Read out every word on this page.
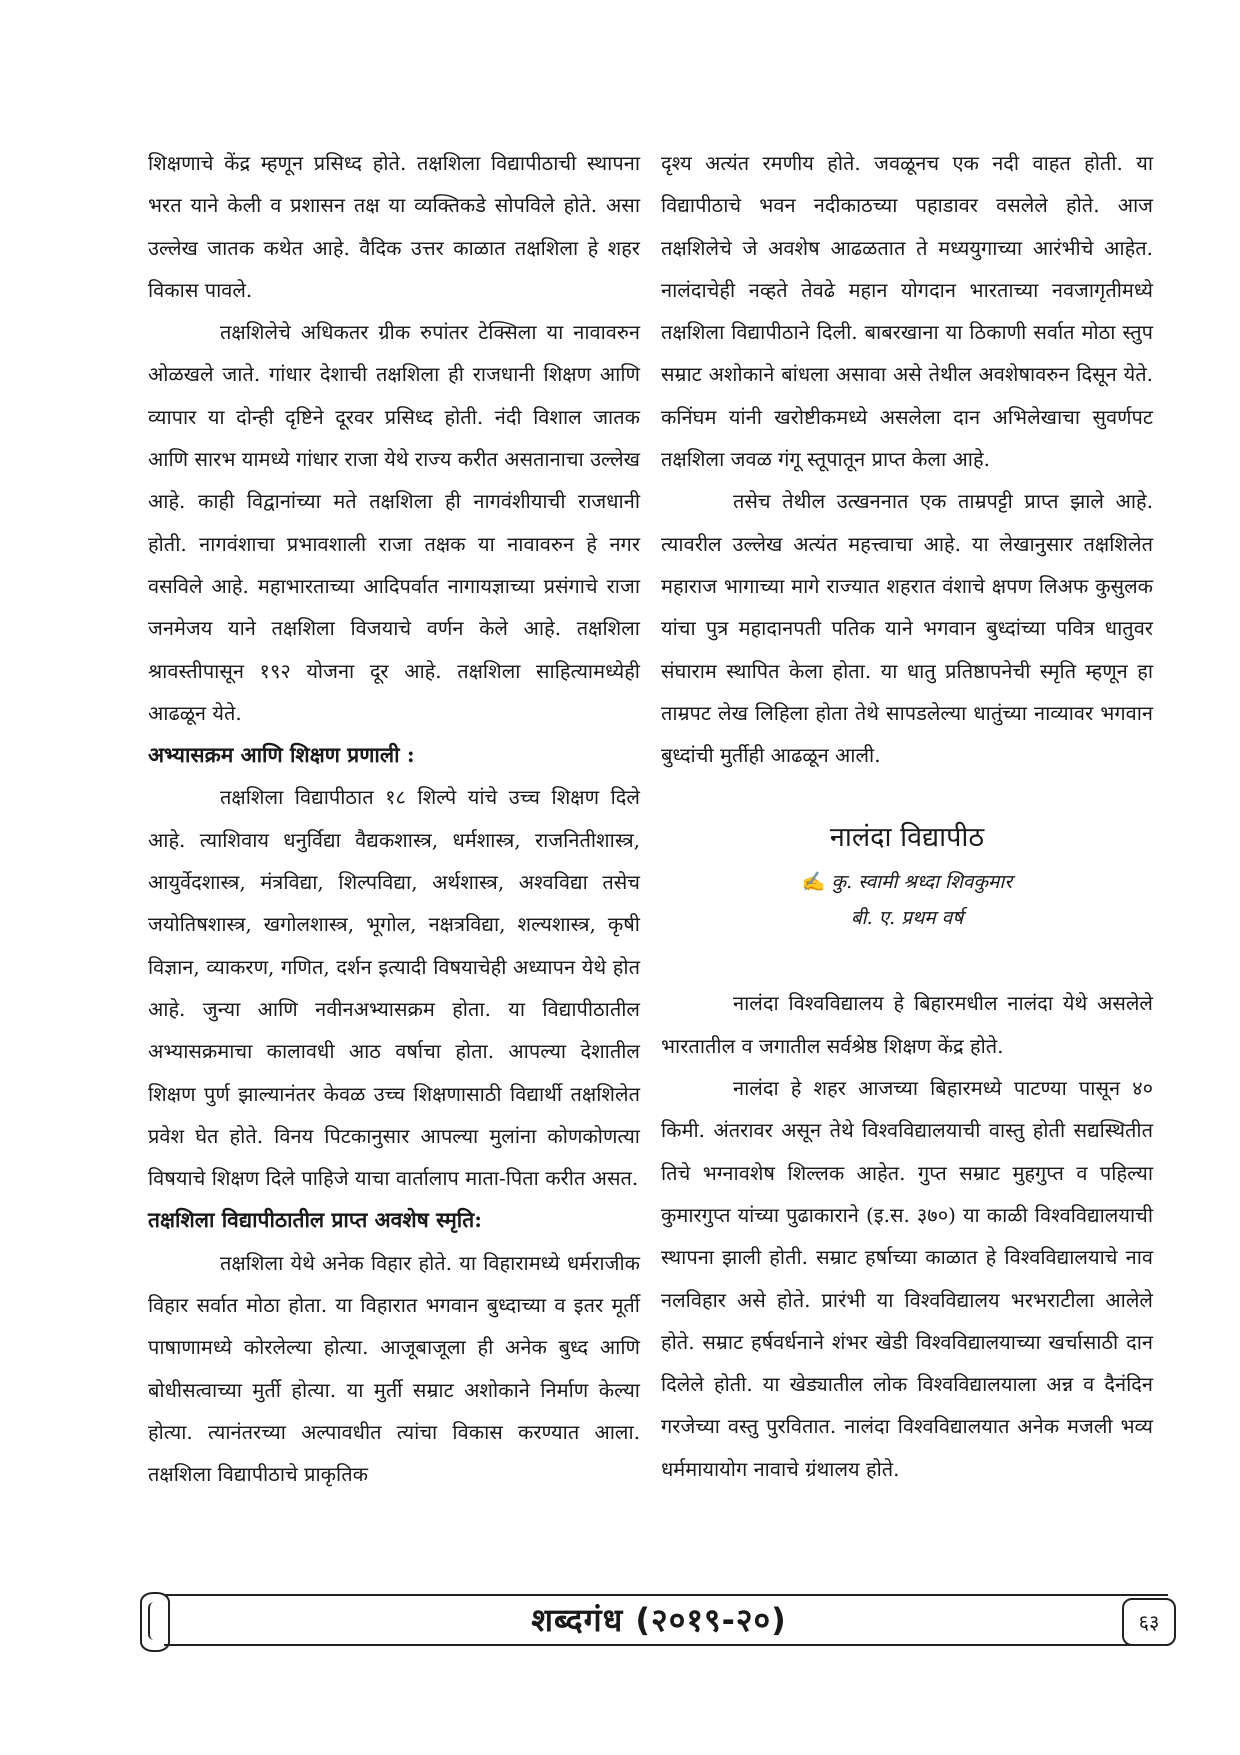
शिक्षणाचे केंद्र म्हणून प्रसिध्द होते. तक्षशिला विद्यापीठाची स्थापना भरत याने केली व प्रशासन तक्ष या व्यक्तिकडे सोपविले होते. असा उल्लेख जातक कथेत आहे. वैदिक उत्तर काळात तक्षशिला हे शहर विकास पावले.

तक्षशिलेचे अधिकतर ग्रीक रुपांतर टेक्सिला या नावावरुन ओळखले जाते. गांधार देशाची तक्षशिला ही राजधानी शिक्षण आणि व्यापार या दोन्ही दृष्टिने दूरवर प्रसिध्द होती. नंदी विशाल जातक आणि सारभ यामध्ये गांधार राजा येथे राज्य करीत असतानाचा उल्लेख आहे. काही विद्वानांच्या मते तक्षशिला ही नागवंशीयाची राजधानी होती. नागवंशाचा प्रभावशाली राजा तक्षक या नावावरुन हे नगर वसविले आहे. महाभारताच्या आदिपर्वात नागायज्ञाच्या प्रसंगाचे राजा जनमेजय याने तक्षशिला विजयाचे वर्णन केले आहे. तक्षशिला श्रावस्तीपासून १९२ योजना दूर आहे. तक्षशिला साहित्यामध्येही आढळून येते.

अभ्यासक्रम आणि शिक्षण प्रणाली :

तक्षशिला विद्यापीठात १८ शिल्पे यांचे उच्च शिक्षण दिले आहे. त्याशिवाय धनुर्विद्या वैद्यकशास्त्र, धर्मशास्त्र, राजनितीशास्त्र, आयुर्वेदशास्त्र, मंत्रविद्या, शिल्पविद्या, अर्थशास्त्र, अश्वविद्या तसेच जयोतिषशास्त्र, खगोलशास्त्र, भूगोल, नक्षत्रविद्या, शल्यशास्त्र, कृषी विज्ञान, व्याकरण, गणित, दर्शन इत्यादी विषयाचेही अध्यापन येथे होत आहे. जुन्या आणि नवीनअभ्यासक्रम होता. या विद्यापीठातील अभ्यासक्रमाचा कालावधी आठ वर्षाचा होता. आपल्या देशातील शिक्षण पुर्ण झाल्यानंतर केवळ उच्च शिक्षणासाठी विद्यार्थी तक्षशिलेत प्रवेश घेत होते. विनय पिटकानुसार आपल्या मुलांना कोणकोणत्या विषयाचे शिक्षण दिले पाहिजे याचा वार्तालाप माता-पिता करीत असत.

तक्षशिला विद्यापीठातील प्राप्त अवशेष स्मृति:

तक्षशिला येथे अनेक विहार होते. या विहारामध्ये धर्मराजीक विहार सर्वात मोठा होता. या विहारात भगवान बुध्दाच्या व इतर मूर्ती पाषाणामध्ये कोरलेल्या होत्या. आजूबाजूला ही अनेक बुध्द आणि बोधीसत्वाच्या मुर्ती होत्या. या मुर्ती सम्राट अशोकाने निर्माण केल्या होत्या. त्यानंतरच्या अल्पावधीत त्यांचा विकास करण्यात आला. तक्षशिला विद्यापीठाचे प्राकृतिक

दृश्य अत्यंत रमणीय होते. जवळूनच एक नदी वाहत होती. या विद्यापीठाचे भवन नदीकाठच्या पहाडावर वसलेले होते. आज तक्षशिलेचे जे अवशेष आढळतात ते मध्ययुगाच्या आरंभीचे आहेत. नालंदाचेही नव्हते तेवढे महान योगदान भारताच्या नवजागृतीमध्ये तक्षशिला विद्यापीठाने दिली. बाबरखाना या ठिकाणी सर्वात मोठा स्तुप सम्राट अशोकाने बांधला असावा असे तेथील अवशेषावरुन दिसून येते. कनिंघम यांनी खरोष्टीकमध्ये असलेला दान अभिलेखाचा सुवर्णपट तक्षशिला जवळ गंगू स्तूपातून प्राप्त केला आहे.

तसेच तेथील उत्खननात एक ताम्रपट्टी प्राप्त झाले आहे. त्यावरील उल्लेख अत्यंत महत्त्वाचा आहे. या लेखानुसार तक्षशिलेत महाराज भागाच्या मागे राज्यात शहरात वंशाचे क्षपण लिअफ कुसुलक यांचा पुत्र महादानपती पतिक याने भगवान बुध्दांच्या पवित्र धातुवर संघाराम स्थापित केला होता. या धातु प्रतिष्ठापनेची स्मृति म्हणून हा ताम्रपट लेख लिहिला होता तेथे सापडलेल्या धातुंच्या नाव्यावर भगवान बुध्दांची मुर्तीही आढळून आली.

नालंदा विद्यापीठ

✍ कु. स्वामी श्रध्दा शिवकुमार

बी. ए. प्रथम वर्ष

नालंदा विश्वविद्यालय हे बिहारमधील नालंदा येथे असलेले भारतातील व जगातील सर्वश्रेष्ठ शिक्षण केंद्र होते.

नालंदा हे शहर आजच्या बिहारमध्ये पाटण्या पासून ४० किमी. अंतरावर असून तेथे विश्वविद्यालयाची वास्तु होती सद्यस्थितीत तिचे भग्नावशेष शिल्लक आहेत. गुप्त सम्राट मुहगुप्त व पहिल्या कुमारगुप्त यांच्या पुढाकाराने (इ.स. ३७०) या काळी विश्वविद्यालयाची स्थापना झाली होती. सम्राट हर्षाच्या काळात हे विश्वविद्यालयाचे नाव नलविहार असे होते. प्रारंभी या विश्वविद्यालय भरभराटीला आलेले होते. सम्राट हर्षवर्धनाने शंभर खेडी विश्वविद्यालयाच्या खर्चासाठी दान दिलेले होती. या खेड्यातील लोक विश्वविद्यालयाला अन्न व दैनंदिन गरजेच्या वस्तु पुरवितात. नालंदा विश्वविद्यालयात अनेक मजली भव्य धर्ममायायोग नावाचे ग्रंथालय होते.

शब्दगंध (२०१९-२०)	६३
